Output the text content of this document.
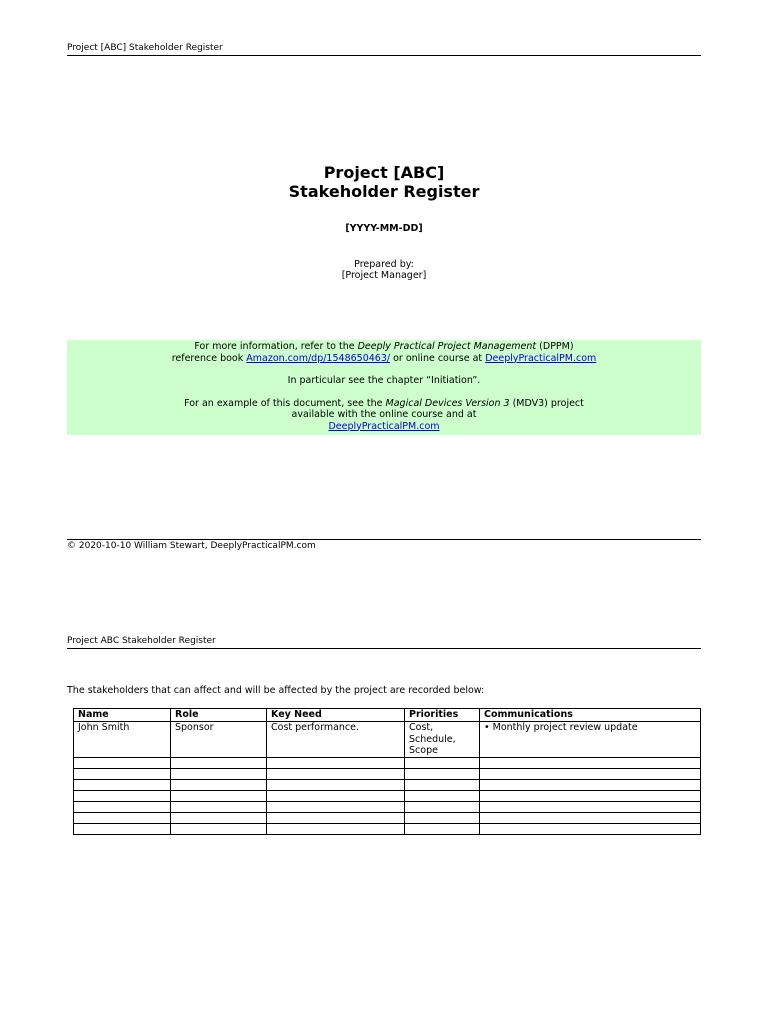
Project [ABC] Stakeholder Register
Project [ABC]
Stakeholder Register
[YYYY-MM-DD]
Prepared by:
[Project Manager]

For more information, refer to the Deeply Practical Project Management (DPPM)

reference book Amazon.com/dp/1548650463/ or online course at DeeplyPracticalPM.com

In particular see the chapter “Initiation”.

For an example of this document, see the Magical Devices Version 3 (MDV3) project

available with the online course and at

DeeplyPracticalPM.com

© 2020-10-10 William Stewart, DeeplyPracticalPM.com
Project ABC Stakeholder Register
The stakeholders that can affect and will be affected by the project are recorded below:
Name	Role	Key Need	Priorities	Communications
John Smith	Sponsor	Cost performance.	Cost,
Schedule,
Scope	• Monthly project review update
